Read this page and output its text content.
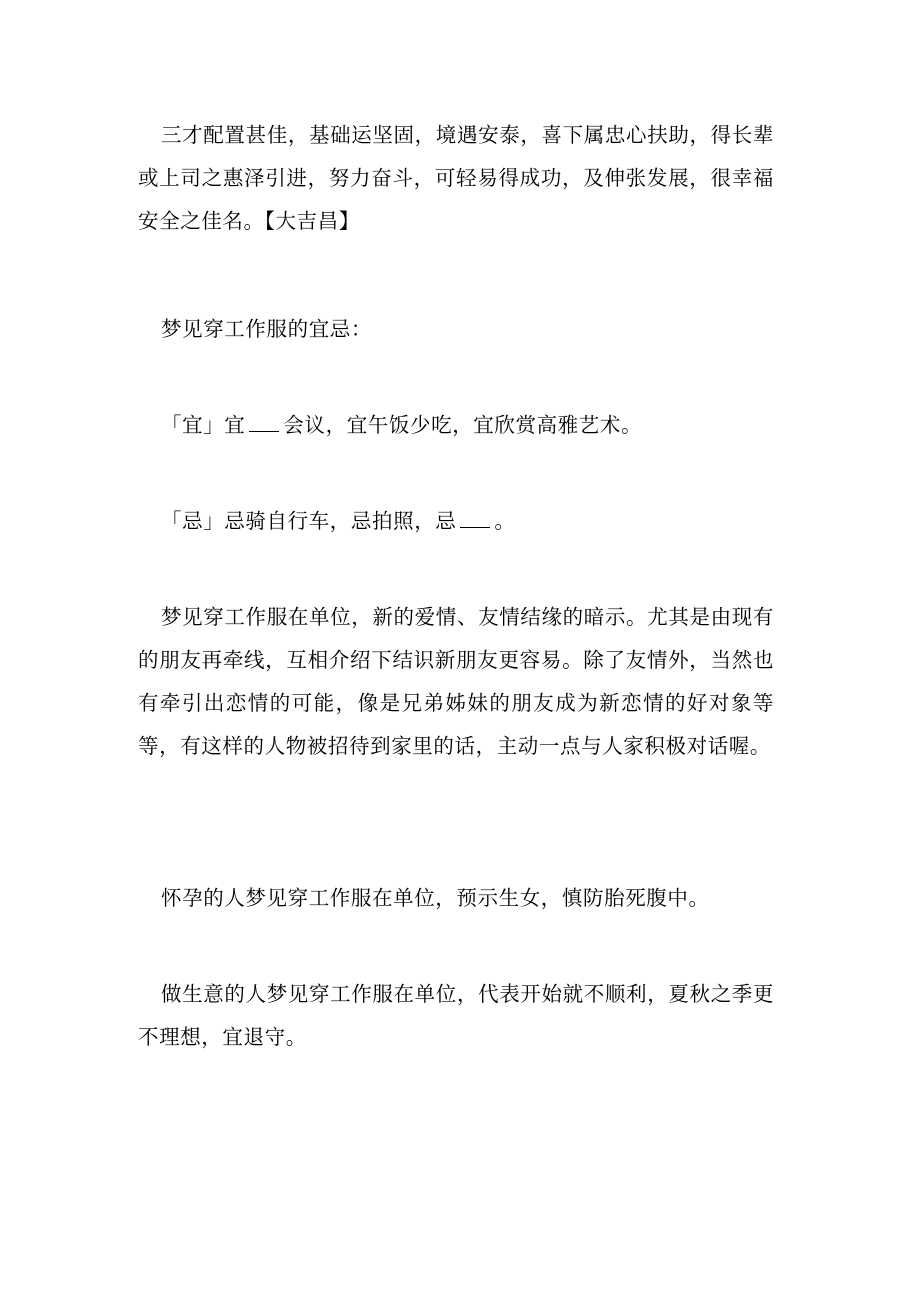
三才配置甚佳，基础运坚固，境遇安泰，喜下属忠心扶助，得长辈或上司之惠泽引进，努力奋斗，可轻易得成功，及伸张发展，很幸福安全之佳名。【大吉昌】

梦见穿工作服的宜忌：

「宜」宜 会议，宜午饭少吃，宜欣赏高雅艺术。

「忌」忌骑自行车，忌拍照，忌 。

梦见穿工作服在单位，新的爱情、友情结缘的暗示。尤其是由现有的朋友再牵线，互相介绍下结识新朋友更容易。除了友情外，当然也有牵引出恋情的可能，像是兄弟姊妹的朋友成为新恋情的好对象等等，有这样的人物被招待到家里的话，主动一点与人家积极对话喔。

怀孕的人梦见穿工作服在单位，预示生女，慎防胎死腹中。

做生意的人梦见穿工作服在单位，代表开始就不顺利，夏秋之季更不理想，宜退守。
